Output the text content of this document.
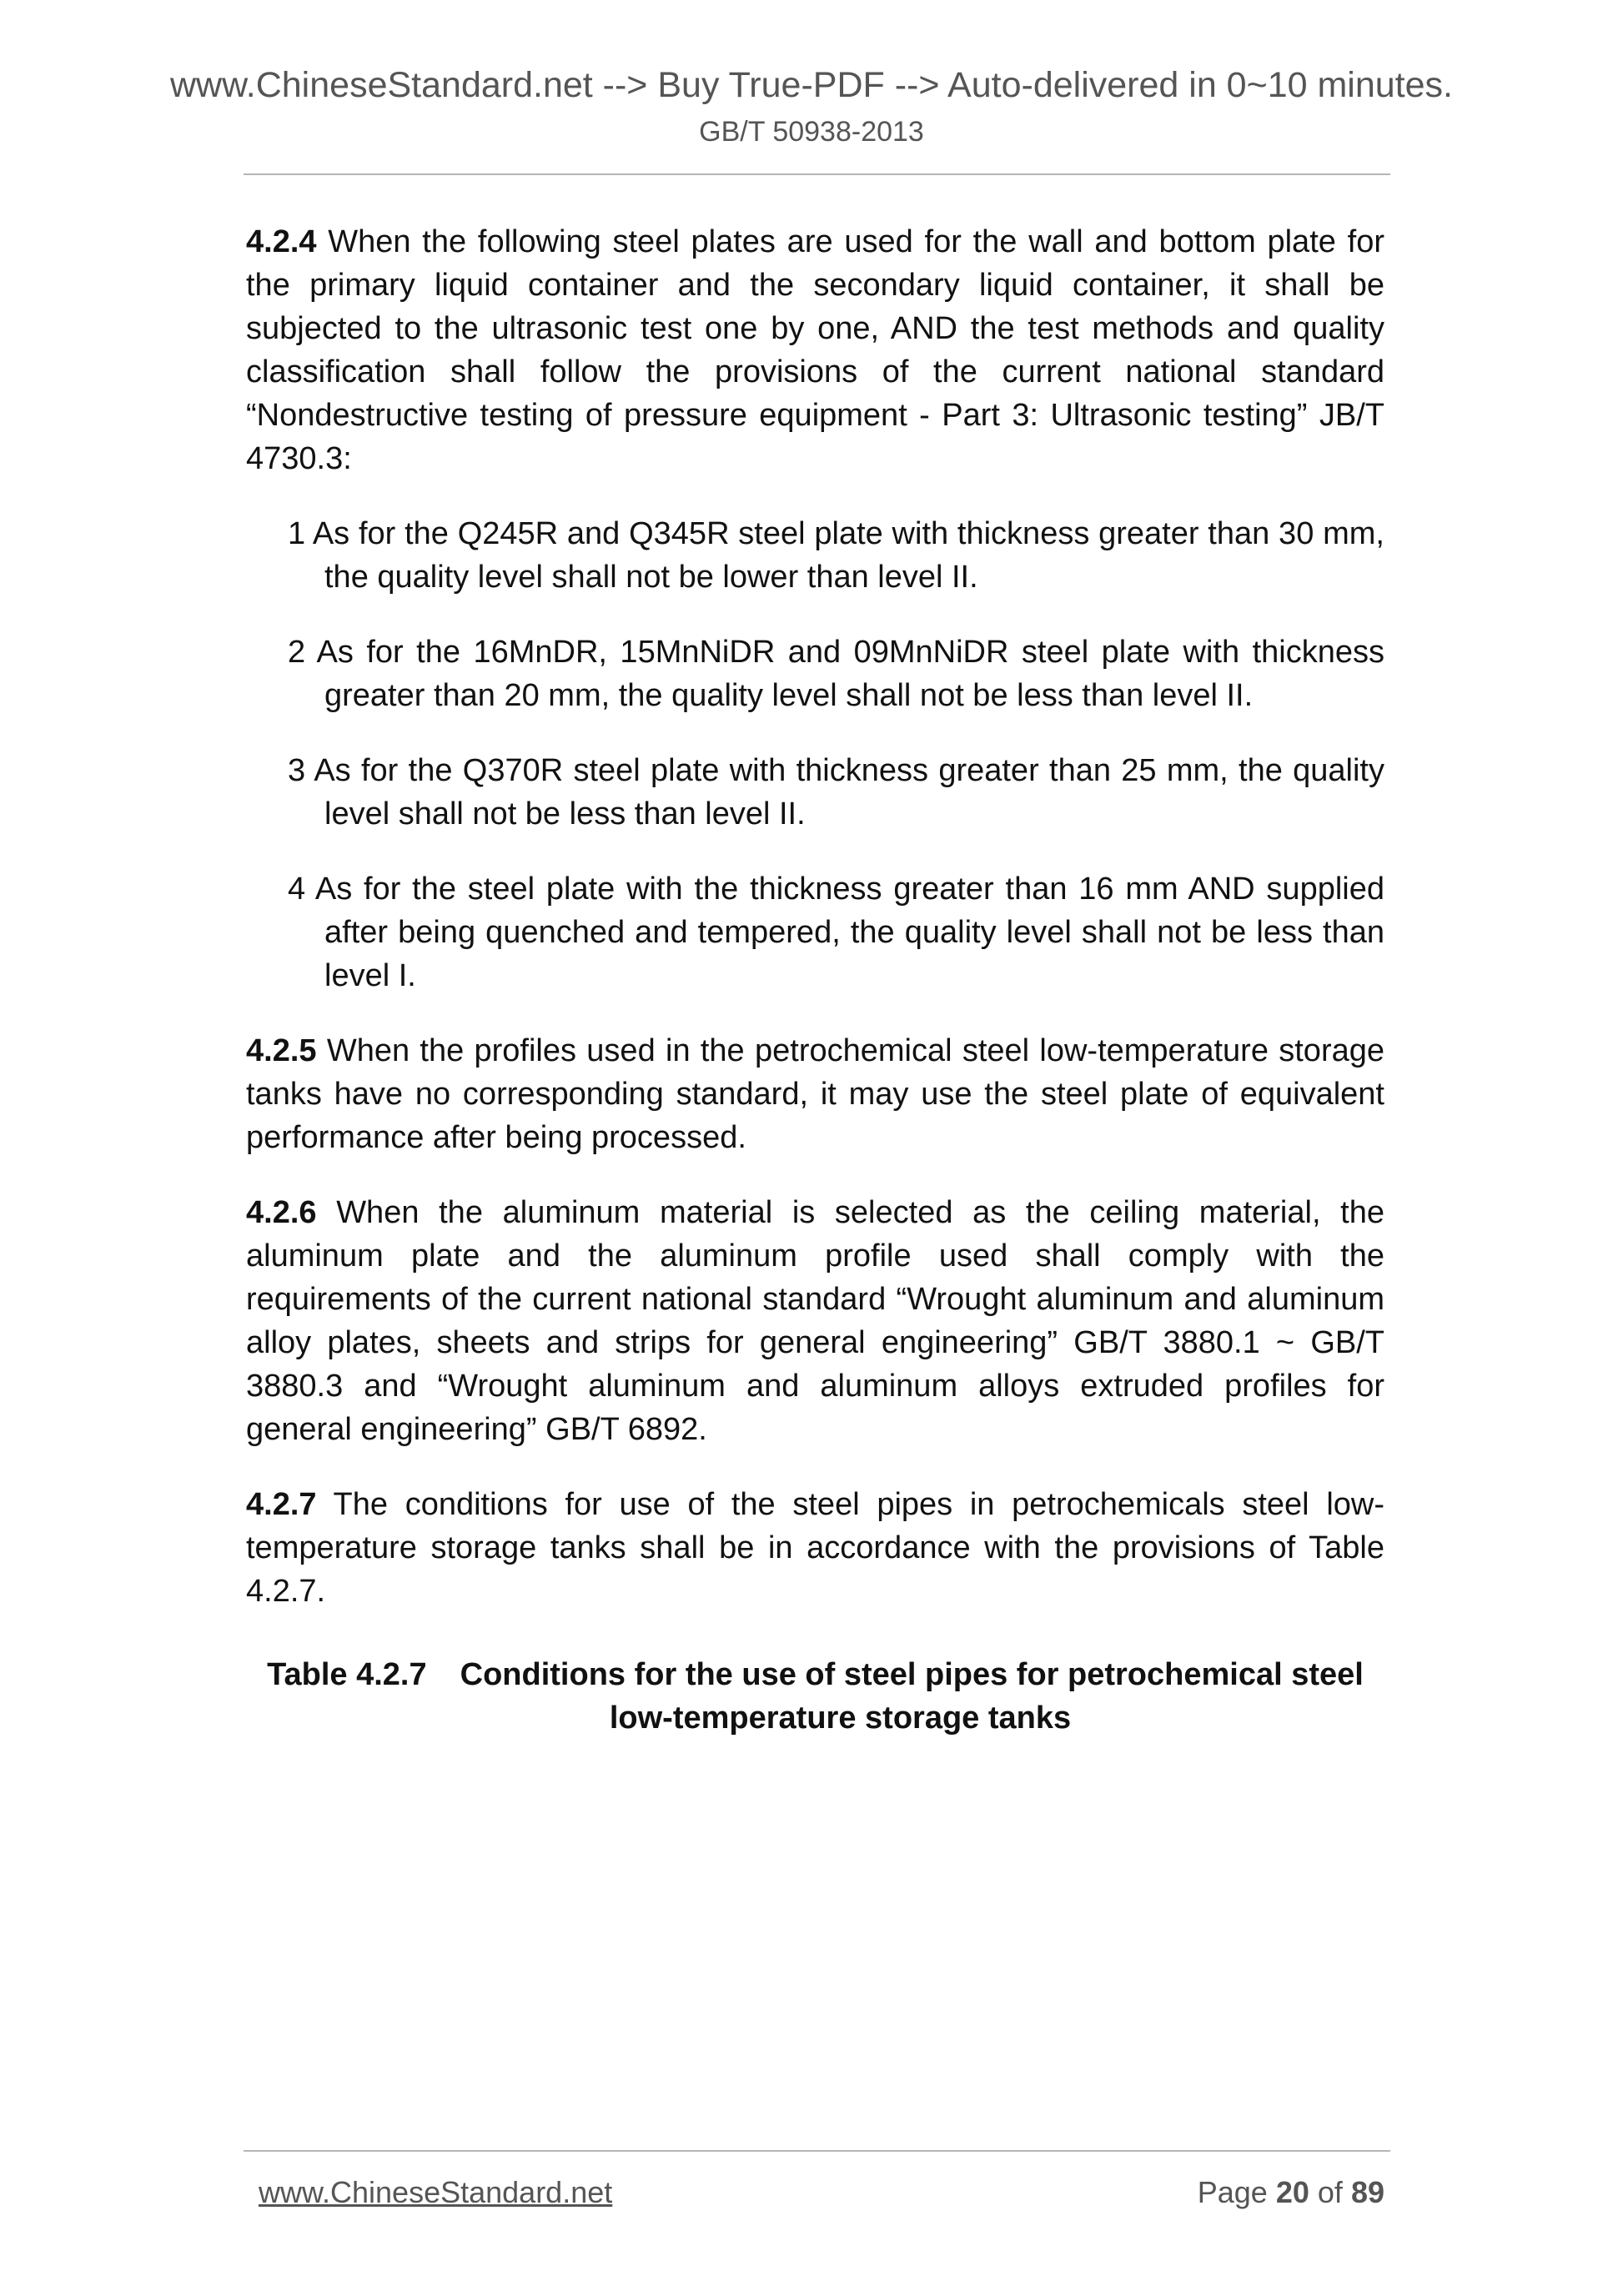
www.ChineseStandard.net --> Buy True-PDF --> Auto-delivered in 0~10 minutes.
GB/T 50938-2013

4.2.4 When the following steel plates are used for the wall and bottom plate for the primary liquid container and the secondary liquid container, it shall be subjected to the ultrasonic test one by one, AND the test methods and quality classification shall follow the provisions of the current national standard “Nondestructive testing of pressure equipment - Part 3: Ultrasonic testing” JB/T 4730.3:

1 As for the Q245R and Q345R steel plate with thickness greater than 30 mm, the quality level shall not be lower than level II.

2 As for the 16MnDR, 15MnNiDR and 09MnNiDR steel plate with thickness greater than 20 mm, the quality level shall not be less than level II.

3 As for the Q370R steel plate with thickness greater than 25 mm, the quality level shall not be less than level II.

4 As for the steel plate with the thickness greater than 16 mm AND supplied after being quenched and tempered, the quality level shall not be less than level I.

4.2.5 When the profiles used in the petrochemical steel low-temperature storage tanks have no corresponding standard, it may use the steel plate of equivalent performance after being processed.

4.2.6 When the aluminum material is selected as the ceiling material, the aluminum plate and the aluminum profile used shall comply with the requirements of the current national standard “Wrought aluminum and aluminum alloy plates, sheets and strips for general engineering” GB/T 3880.1 ~ GB/T 3880.3 and “Wrought aluminum and aluminum alloys extruded profiles for general engineering” GB/T 6892.

4.2.7 The conditions for use of the steel pipes in petrochemicals steel low-temperature storage tanks shall be in accordance with the provisions of Table 4.2.7.

Table 4.2.7 Conditions for the use of steel pipes for petrochemical steel low-temperature storage tanks
www.ChineseStandard.net	Page 20 of 89
